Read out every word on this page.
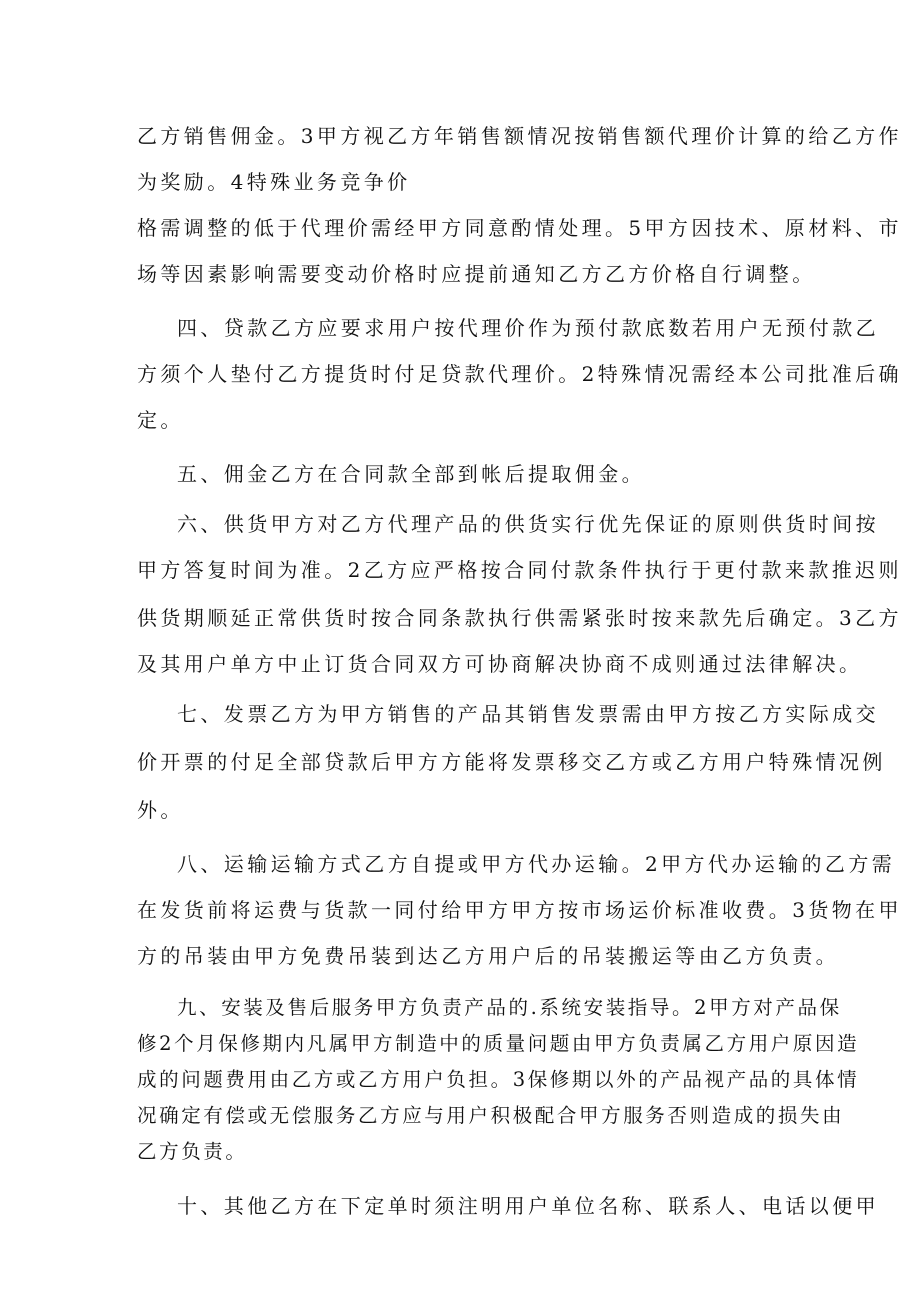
乙方销售佣金。3甲方视乙方年销售额情况按销售额代理价计算的给乙方作
为奖励。4特殊业务竞争价
格需调整的低于代理价需经甲方同意酌情处理。5甲方因技术、原材料、市
场等因素影响需要变动价格时应提前通知乙方乙方价格自行调整。
四、贷款乙方应要求用户按代理价作为预付款底数若用户无预付款乙
方须个人垫付乙方提货时付足贷款代理价。2特殊情况需经本公司批准后确
定。
五、佣金乙方在合同款全部到帐后提取佣金。
六、供货甲方对乙方代理产品的供货实行优先保证的原则供货时间按
甲方答复时间为准。2乙方应严格按合同付款条件执行于更付款来款推迟则
供货期顺延正常供货时按合同条款执行供需紧张时按来款先后确定。3乙方
及其用户单方中止订货合同双方可协商解决协商不成则通过法律解决。
七、发票乙方为甲方销售的产品其销售发票需由甲方按乙方实际成交
价开票的付足全部贷款后甲方方能将发票移交乙方或乙方用户特殊情况例
外。
八、运输运输方式乙方自提或甲方代办运输。2甲方代办运输的乙方需
在发货前将运费与货款一同付给甲方甲方按市场运价标准收费。3货物在甲
方的吊装由甲方免费吊装到达乙方用户后的吊装搬运等由乙方负责。
九、安装及售后服务甲方负责产品的.系统安装指导。2甲方对产品保
修2个月保修期内凡属甲方制造中的质量问题由甲方负责属乙方用户原因造
成的问题费用由乙方或乙方用户负担。3保修期以外的产品视产品的具体情
况确定有偿或无偿服务乙方应与用户积极配合甲方服务否则造成的损失由
乙方负责。
十、其他乙方在下定单时须注明用户单位名称、联系人、电话以便甲
